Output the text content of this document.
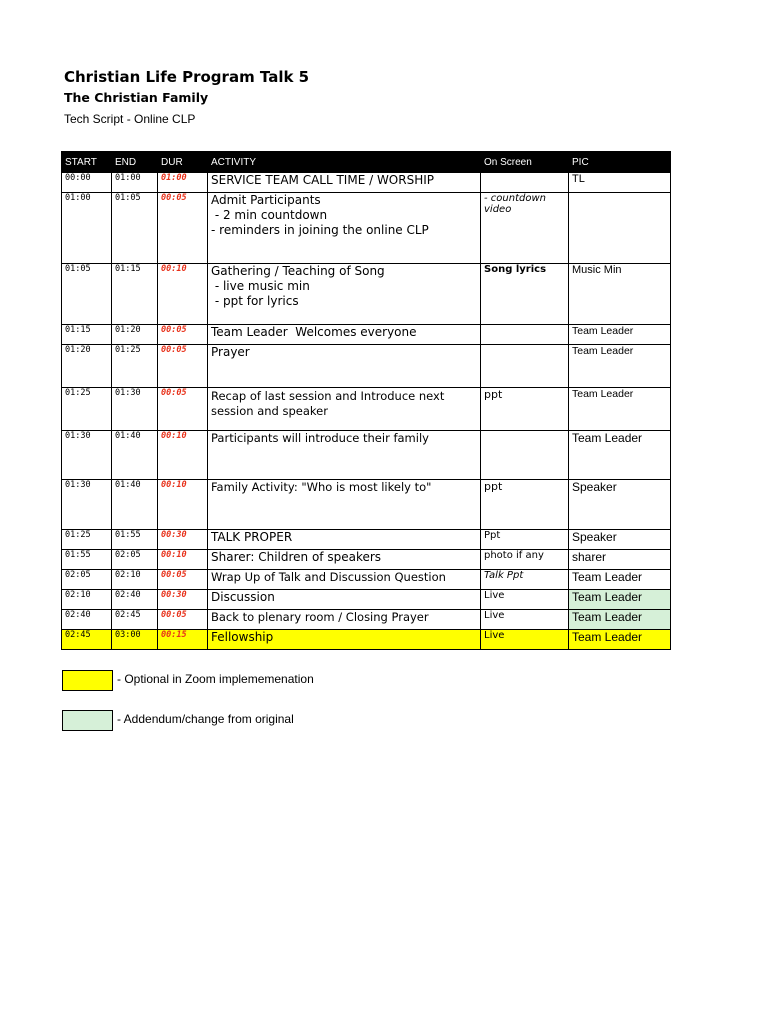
Christian Life Program Talk 5
The Christian Family
Tech Script - Online CLP
START	END	DUR	ACTIVITY	On Screen	PIC
00:00	01:00	01:00	SERVICE TEAM CALL TIME / WORSHIP		TL
01:00	01:05	00:05	Admit Participants
- 2 min countdown
- reminders in joining the online CLP	- countdown video	
01:05	01:15	00:10	Gathering / Teaching of Song
- live music min
- ppt for lyrics	Song lyrics	Music Min
01:15	01:20	00:05	Team Leader  Welcomes everyone		Team Leader
01:20	01:25	00:05	Prayer		Team Leader
01:25	01:30	00:05	Recap of last session and Introduce next session and speaker	ppt	Team Leader
01:30	01:40	00:10	Participants will introduce their family		Team Leader
01:30	01:40	00:10	Family Activity: "Who is most likely to"	ppt	Speaker
01:25	01:55	00:30	TALK PROPER	Ppt	Speaker
01:55	02:05	00:10	Sharer: Children of speakers	photo if any	sharer
02:05	02:10	00:05	Wrap Up of Talk and Discussion Question	Talk Ppt	Team Leader
02:10	02:40	00:30	Discussion	Live	Team Leader
02:40	02:45	00:05	Back to plenary room / Closing Prayer	Live	Team Leader
02:45	03:00	00:15	Fellowship	Live	Team Leader
- Optional in Zoom implememenation
- Addendum/change from original
